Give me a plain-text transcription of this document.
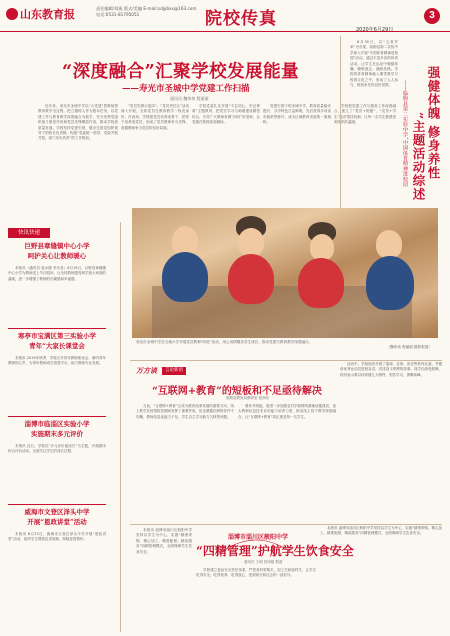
山东教育报	责任编辑/刘燕 版式/美编 E-mail:sdjybxx@163.com
电话:0531-81795051	院校传真
2020年6月29日
3
“深度融合”汇聚学校发展能量
——寿光市圣城中学党建工作扫描
通讯员 魏伟伟 程丽丽

近年来，寿光市圣城中学以“大党建”思维统领教育教学全过程，把立德树人作为根本任务，以党建工作与教育教学深度融合为抓手，充分发挥党组织战斗堡垒作用和党员先锋模范作用，推动学校高质量发展。学校坚持党建引领，健全完善党组织领导下的校长负责制，构建“党委统一领导、党政齐抓共管、部门各负其责”的工作格局。

“党员先锋示范岗”、“党员责任区”活动深入开展，全体党员在教育教学一线亮身份、作表率。学校把党员培养成骨干、把骨干培养成党员，形成了党员教师争当先锋、普通教师争当党员的良好局面。

学校党委扎实开展“不忘初心、牢记使命”主题教育，把党史学习与师德建设紧密结合，引导广大教师争做“四有”好老师，让党旗在校园高高飘扬。

党建引领下的圣城中学，教育质量稳步提升，办学特色日益鲜明，先后获得多项省市级荣誉称号，成为区域教育发展的一面旗帜。

学校把党建工作与德育工作深度融合，建立了“党员+班级”、“党员+学生”结对帮扶机制，让每一名学生都感受到组织的温暖。	强健体魄 修身养性
”主题活动综述
——临朐县第二实验中学“中国体育精神进校园

6月30日，以“五育并举”为引领，临朐县第二实验中学深入开展“中国体育精神进校园”活动，通过丰富多彩的体育活动，让学生在运动中强健体魄、锤炼意志、涵养品格。学校将体育精神融入课堂教学与校园文化之中，形成了人人参与、班班争先的良好氛围。

寿光市圣城中学在当地小学开展党员教师“四进”活动，用心用情服务学生成长，推动党建与教育教学深度融合。
（魏伟伟 程丽丽 摄影报道）
快讯快递
巨野县章缝镇中心小学
呵护关心让教师暖心

本报讯（通讯员 詹水媛 李永喜）6月19日，巨野县章缝镇中心小学为教师送上节日慰问，让全体教师感受到学校大家庭的温暖，进一步增强了教师的归属感和幸福感。

寒亭市宝满区第三实验小学
青年“大家长课堂会

本报讯 2019年秋季，学校召开青年教师座谈会，倾听青年教师的心声，为青年教师成长搭建平台，助力教师专业发展。

淄博市临淄区实验小学
实施期末多元评价

本报讯 近日，学校以“多元评价促成长”为主题，开展期末综合评价活动，全面关注学生的成长过程。

威海市文登区泽头中学
开展“恩政讲堂”活动

本报讯 6月23日，威海市文登区泽头中学开展“恩政讲堂”活动，组织学生观看宣讲视频，厚植爱国情怀。

万方谈	言论新语
“互联网+教育”的短板和不足亟待解决
临朐县教育局教研室 张润东

当前，“互联网+教育”已成为教育改革发展的重要方向，线上教学在疫情防控期间发挥了重要作用，但也暴露出网络条件不均衡、教师信息化能力不足、学生自主学习能力欠缺等问题。

要补齐短板，需进一步加强农村学校网络基础设施建设，加大教师信息技术应用能力培训力度，推动线上线下教学深度融合，让“互联网+教育”真正惠及每一名学生。

活动中，学校组织开展了篮球、足球、田径等系列比赛，并邀请优秀运动员进校宣讲，讲述奋斗拼搏的故事。同学们深受鼓舞，纷纷表示要以体育健儿为榜样，刻苦学习，勇攀高峰。

淄博市淄川区般阳中学
“四精管理”护航学生饮食安全
通讯员 王明 贺伟强 报道

本报讯 淄博市淄川区般阳中学坚持以学生为中心，实施“精细采购、精心加工、精准配餐、精致服务”四精管理模式，全面保障学生饮食安全。

学校建立食品安全责任体系，严把食材采购关、加工关和留样关，让学生吃得安全、吃得营养、吃得放心，受到家长和社会的一致好评。

本报讯 淄博市淄川区般阳中学坚持以学生为中心，实施“精细采购、精心加工、精准配餐、精致服务”四精管理模式，全面保障学生饮食安全。
